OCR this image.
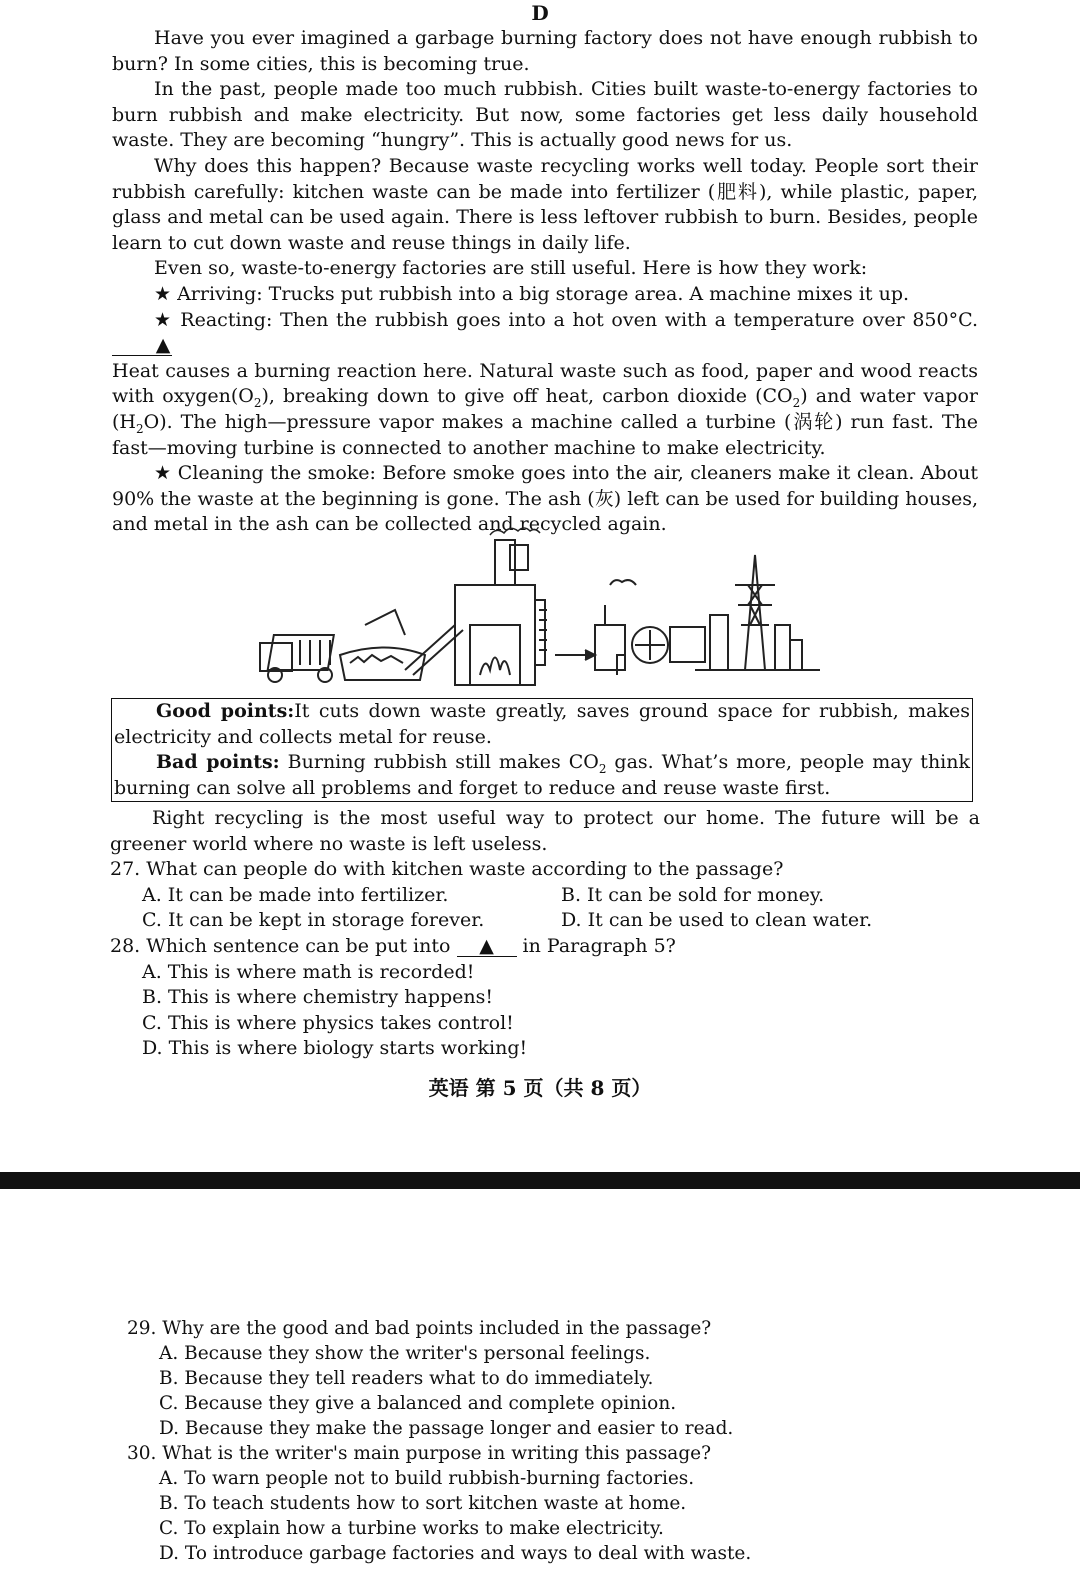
D

Have you ever imagined a garbage burning factory does not have enough rubbish to burn? In some cities, this is becoming true.

In the past, people made too much rubbish. Cities built waste-to-energy factories to burn rubbish and make electricity. But now, some factories get less daily household waste. They are becoming “hungry”. This is actually good news for us.

Why does this happen? Because waste recycling works well today. People sort their rubbish carefully: kitchen waste can be made into fertilizer (肥料), while plastic, paper, glass and metal can be used again. There is less leftover rubbish to burn. Besides, people learn to cut down waste and reuse things in daily life.

Even so, waste-to-energy factories are still useful. Here is how they work:

★ Arriving: Trucks put rubbish into a big storage area. A machine mixes it up.

★ Reacting: Then the rubbish goes into a hot oven with a temperature over 850°C. ▲

Heat causes a burning reaction here. Natural waste such as food, paper and wood reacts with $oxygen(O_2)$, breaking down to give off heat, carbon dioxide $(CO_2)$ and water vapor $(H_2O)$. The high—pressure vapor makes a machine called a turbine (涡轮) run fast. The fast—moving turbine is connected to another machine to make electricity.

★ Cleaning the smoke: Before smoke goes into the air, cleaners make it clean. About 90% the waste at the beginning is gone. The ash (灰) left can be used for building houses, and metal in the ash can be collected and recycled again.

Good points:It cuts down waste greatly, saves ground space for rubbish, makes electricity and collects metal for reuse.

Bad points: Burning rubbish still makes $CO_2$ gas. What’s more, people may think burning can solve all problems and forget to reduce and reuse waste first.

Right recycling is the most useful way to protect our home. The future will be a greener world where no waste is left useless.

27. What can people do with kitchen waste according to the passage?
A. It can be made into fertilizer.	B. It can be sold for money.
C. It can be kept in storage forever.	D. It can be used to clean water.
28. Which sentence can be put into ▲ in Paragraph 5?
A. This is where math is recorded!
B. This is where chemistry happens!
C. This is where physics takes control!
D. This is where biology starts working!
英语 第 5 页（共 8 页）
29. Why are the good and bad points included in the passage?
A. Because they show the writer's personal feelings.
B. Because they tell readers what to do immediately.
C. Because they give a balanced and complete opinion.
D. Because they make the passage longer and easier to read.
30. What is the writer's main purpose in writing this passage?
A. To warn people not to build rubbish-burning factories.
B. To teach students how to sort kitchen waste at home.
C. To explain how a turbine works to make electricity.
D. To introduce garbage factories and ways to deal with waste.
